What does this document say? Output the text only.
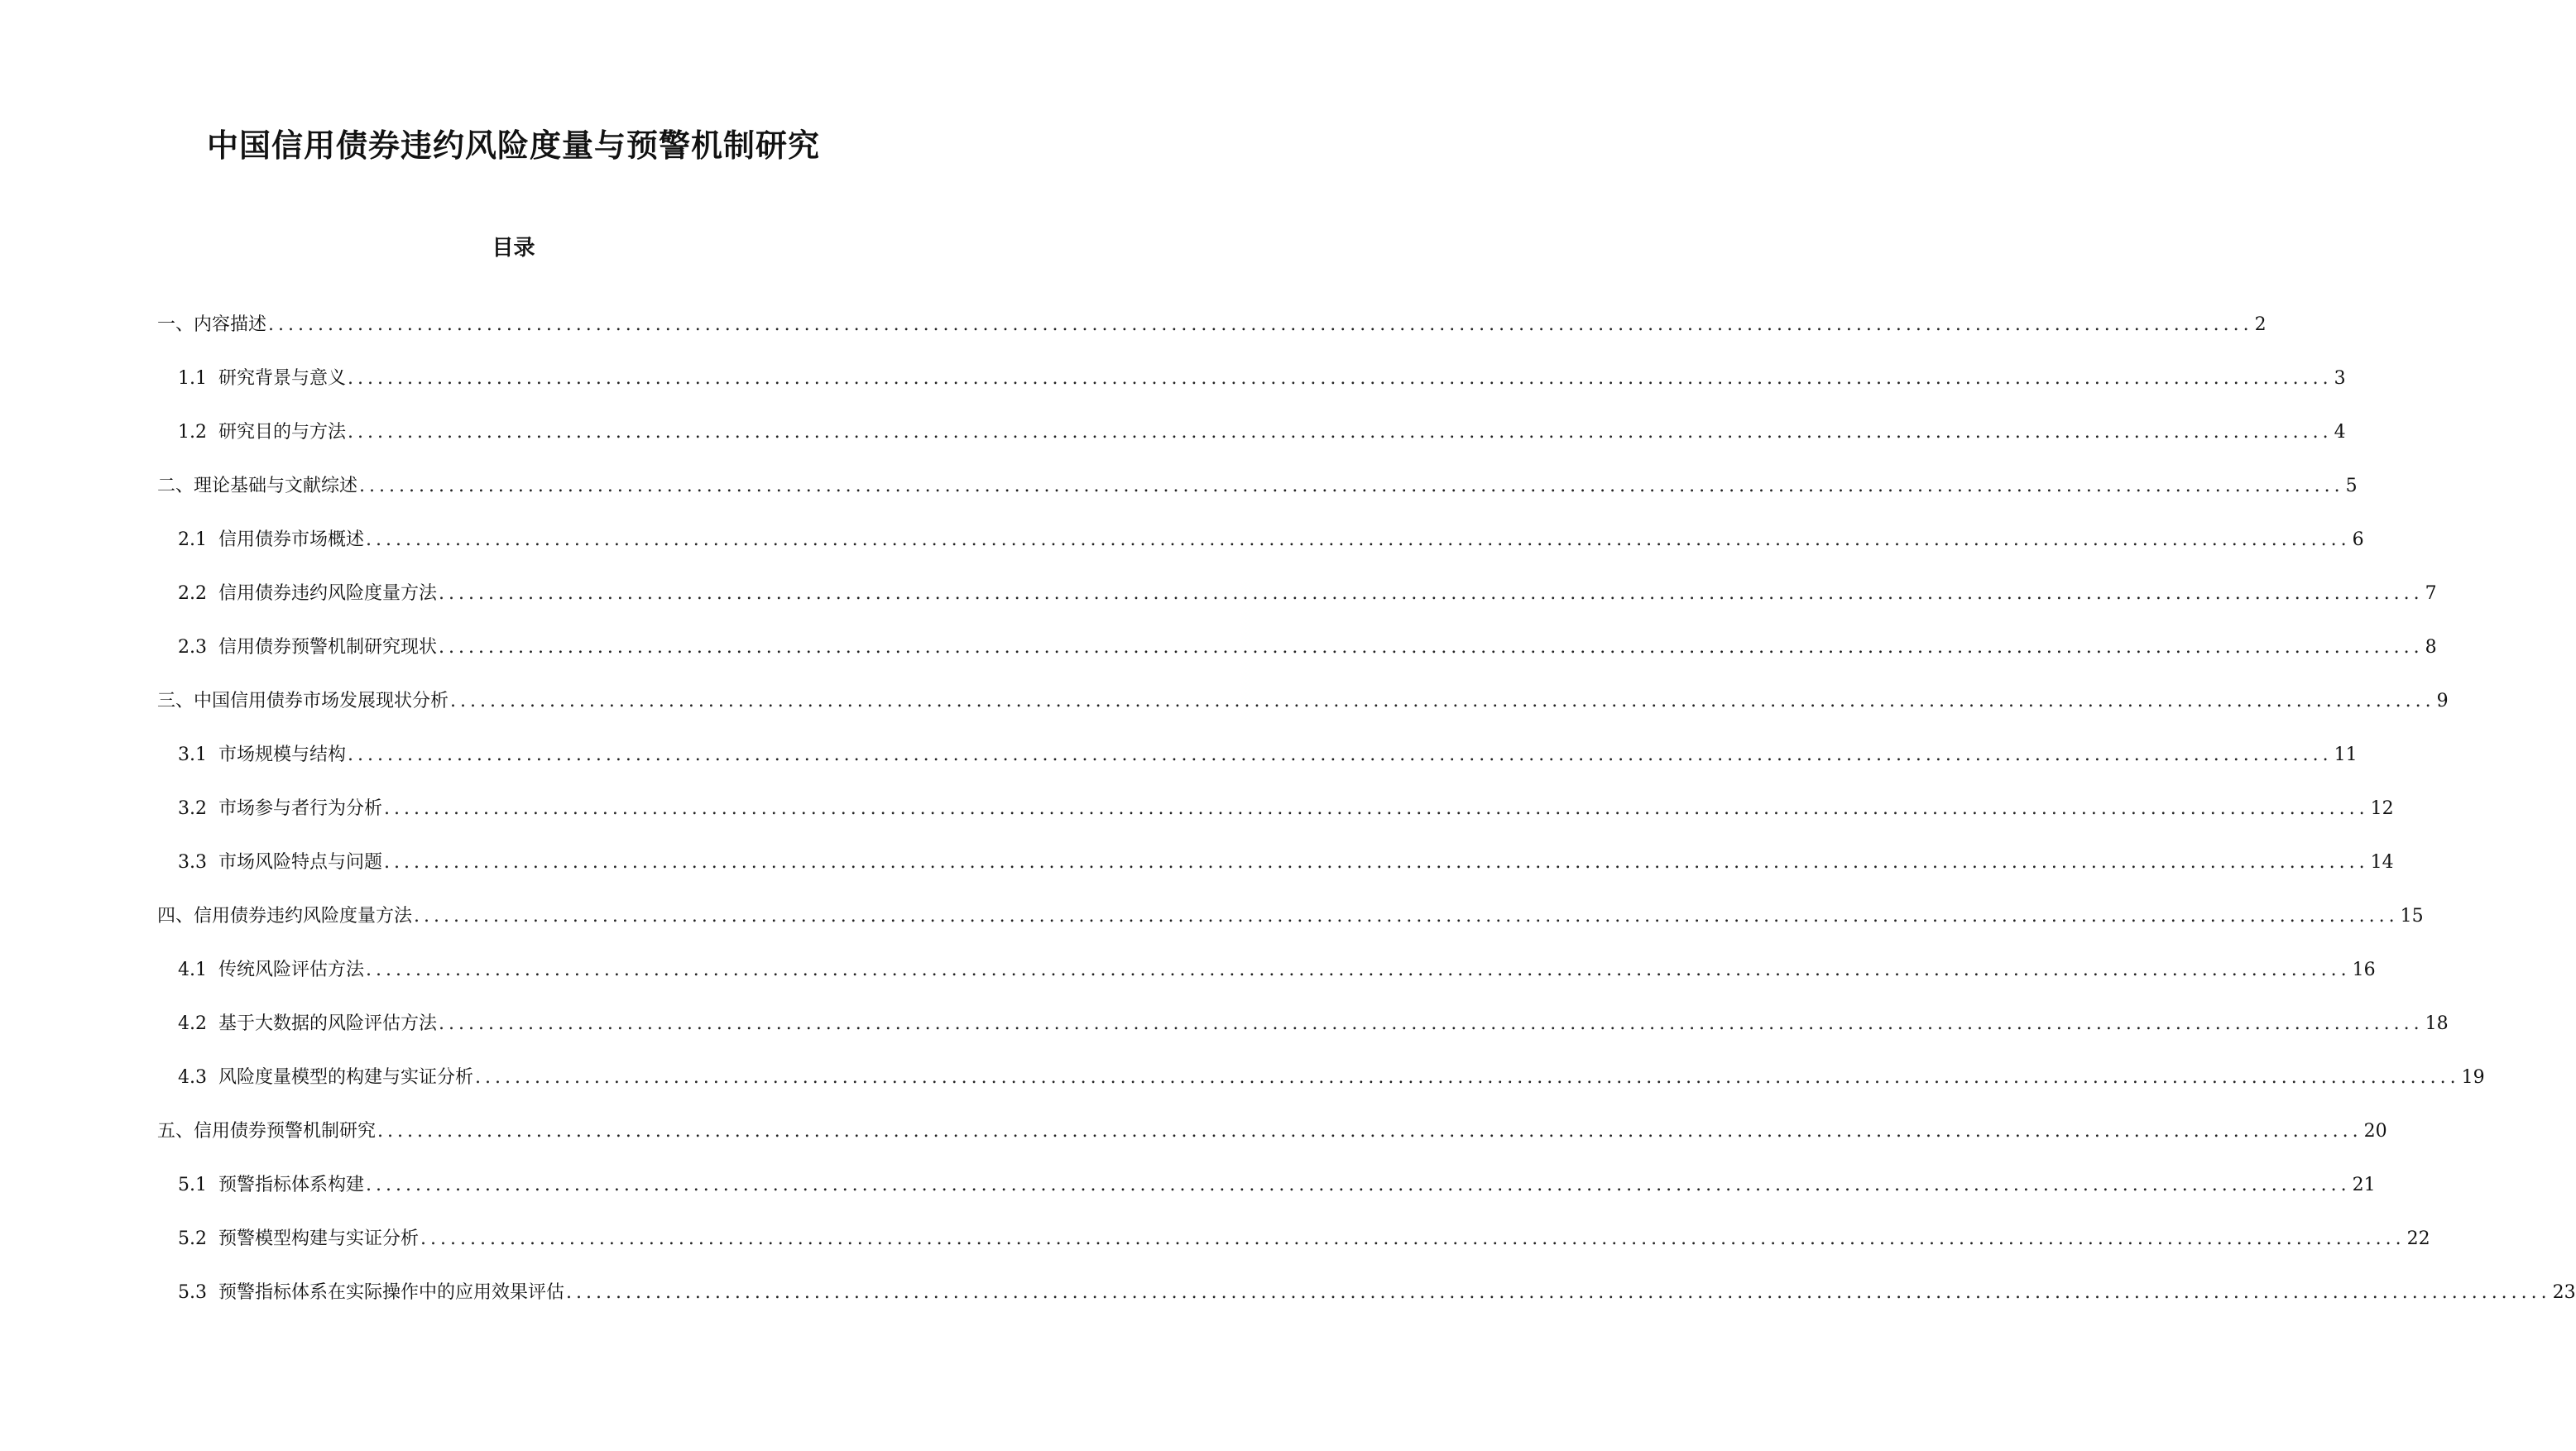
中国信用债券违约风险度量与预警机制研究
目录
一、内容描述 ........................................................................................................................................................................................................ 2
1.1 研究背景与意义 ........................................................................................................................................................................................................ 3
1.2 研究目的与方法 ........................................................................................................................................................................................................ 4
二、理论基础与文献综述 ........................................................................................................................................................................................................ 5
2.1 信用债券市场概述 ........................................................................................................................................................................................................ 6
2.2 信用债券违约风险度量方法 ........................................................................................................................................................................................................ 7
2.3 信用债券预警机制研究现状 ........................................................................................................................................................................................................ 8
三、中国信用债券市场发展现状分析 ........................................................................................................................................................................................................ 9
3.1 市场规模与结构 ........................................................................................................................................................................................................ 11
3.2 市场参与者行为分析 ........................................................................................................................................................................................................ 12
3.3 市场风险特点与问题 ........................................................................................................................................................................................................ 14
四、信用债券违约风险度量方法 ........................................................................................................................................................................................................ 15
4.1 传统风险评估方法 ........................................................................................................................................................................................................ 16
4.2 基于大数据的风险评估方法 ........................................................................................................................................................................................................ 18
4.3 风险度量模型的构建与实证分析 ........................................................................................................................................................................................................ 19
五、信用债券预警机制研究 ........................................................................................................................................................................................................ 20
5.1 预警指标体系构建 ........................................................................................................................................................................................................ 21
5.2 预警模型构建与实证分析 ........................................................................................................................................................................................................ 22
5.3 预警指标体系在实际操作中的应用效果评估 ........................................................................................................................................................................................................ 23
